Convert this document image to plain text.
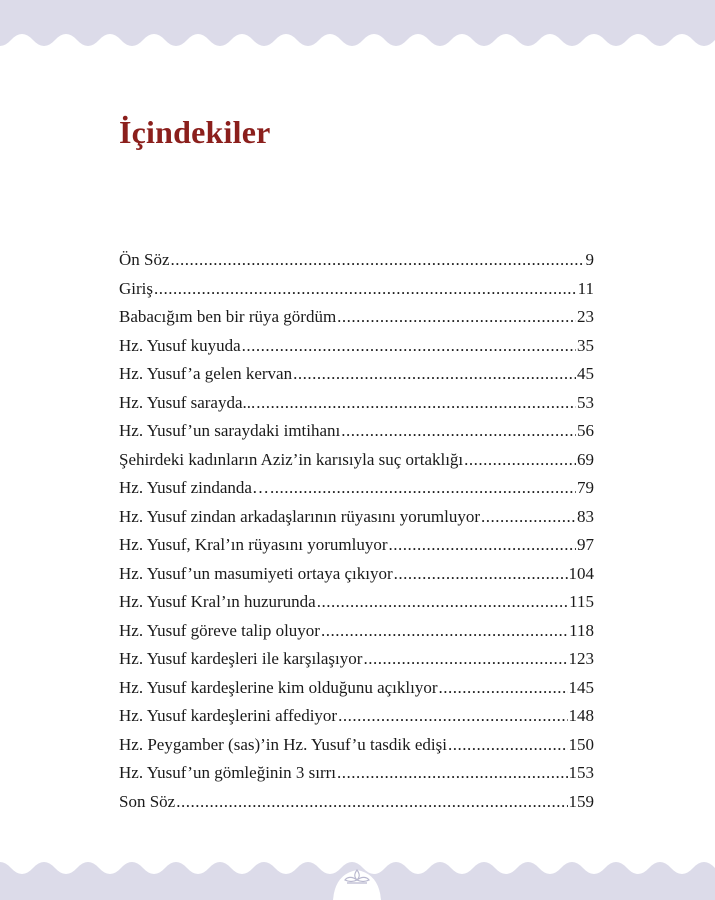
İçindekiler
Ön Söz .....	9
Giriş .....	11
Babacığım ben bir rüya gördüm .....	23
Hz. Yusuf kuyuda .....	35
Hz. Yusuf’a gelen kervan .....	45
Hz. Yusuf sarayda... .....	53
Hz. Yusuf’un saraydaki imtihanı .....	56
Şehirdeki kadınların Aziz’in karısıyla suç ortaklığı .....	69
Hz. Yusuf zindanda… .....	79
Hz. Yusuf zindan arkadaşlarının rüyasını yorumluyor .....	83
Hz. Yusuf, Kral’ın rüyasını yorumluyor .....	97
Hz. Yusuf’un masumiyeti ortaya çıkıyor .....	104
Hz. Yusuf Kral’ın huzurunda .....	115
Hz. Yusuf göreve talip oluyor .....	118
Hz. Yusuf kardeşleri ile karşılaşıyor .....	123
Hz. Yusuf kardeşlerine kim olduğunu açıklıyor .....	145
Hz. Yusuf kardeşlerini affediyor .....	148
Hz. Peygamber (sas)’in Hz. Yusuf’u tasdik edişi .....	150
Hz. Yusuf’un gömleğinin 3 sırrı .....	153
Son Söz .....	159
